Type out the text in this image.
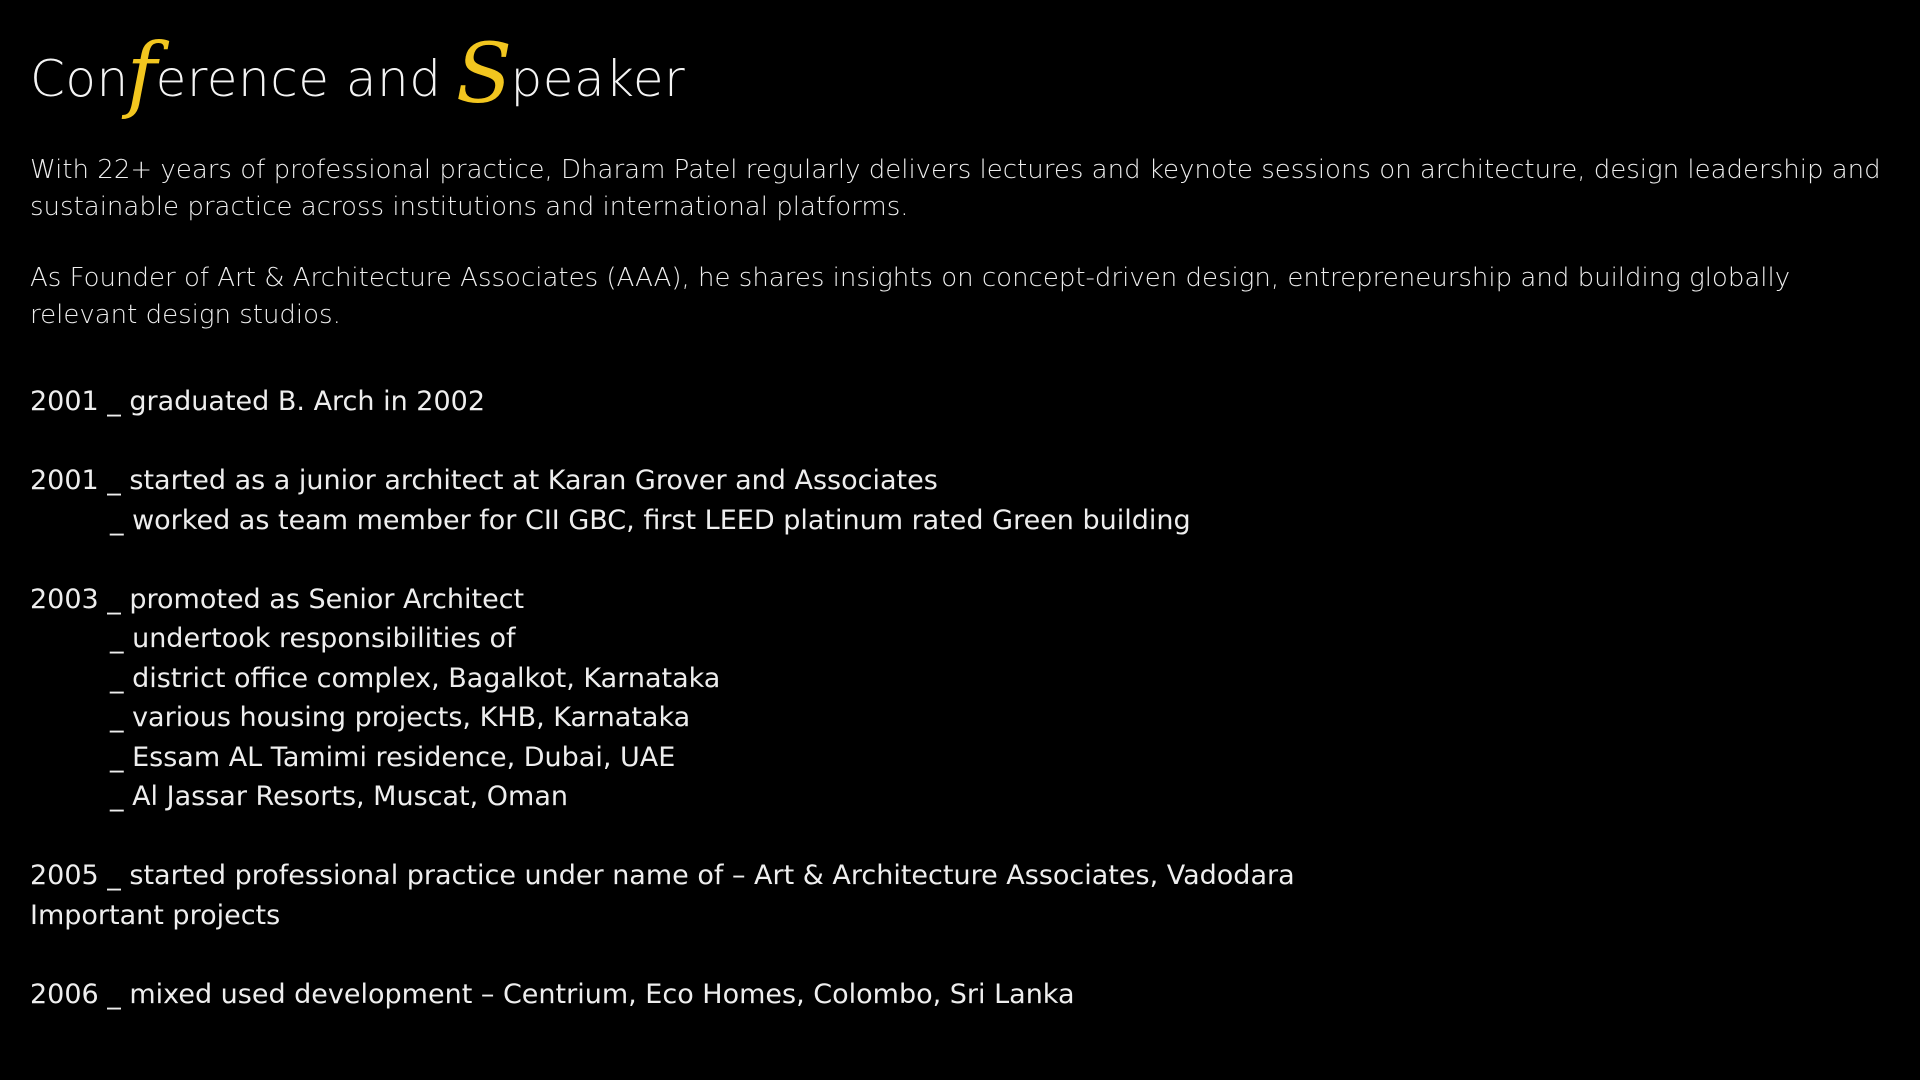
Conference and Speaker

With 22+ years of professional practice, Dharam Patel regularly delivers lectures and keynote sessions on architecture, design leadership and sustainable practice across institutions and international platforms.

As Founder of Art & Architecture Associates (AAA), he shares insights on concept-driven design, entrepreneurship and building globally relevant design studios.

2001 _ graduated B. Arch in 2002
2001 _ started as a junior architect at Karan Grover and Associates
_ worked as team member for CII GBC, first LEED platinum rated Green building
2003 _ promoted as Senior Architect
_ undertook responsibilities of
_ district office complex, Bagalkot, Karnataka
_ various housing projects, KHB, Karnataka
_ Essam AL Tamimi residence, Dubai, UAE
_ Al Jassar Resorts, Muscat, Oman
2005 _ started professional practice under name of – Art & Architecture Associates, Vadodara
Important projects
2006 _ mixed used development – Centrium, Eco Homes, Colombo, Sri Lanka
